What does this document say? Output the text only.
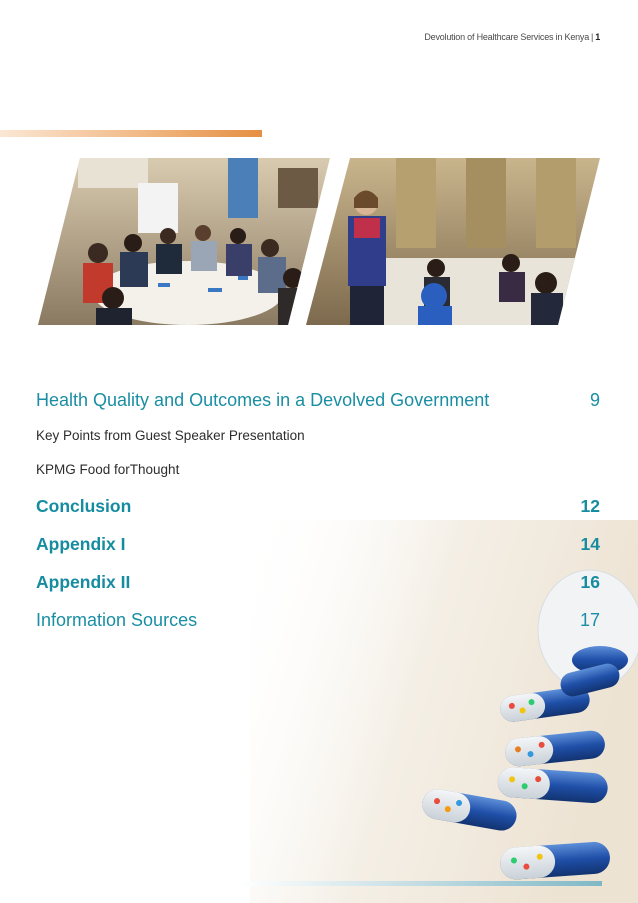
Devolution of Healthcare Services in Kenya | 1
Health Quality and Outcomes in a Devolved Government	9
Key Points from Guest Speaker Presentation
KPMG Food forThought
Conclusion	12
Appendix I	14
Appendix II	16
Information Sources	17
